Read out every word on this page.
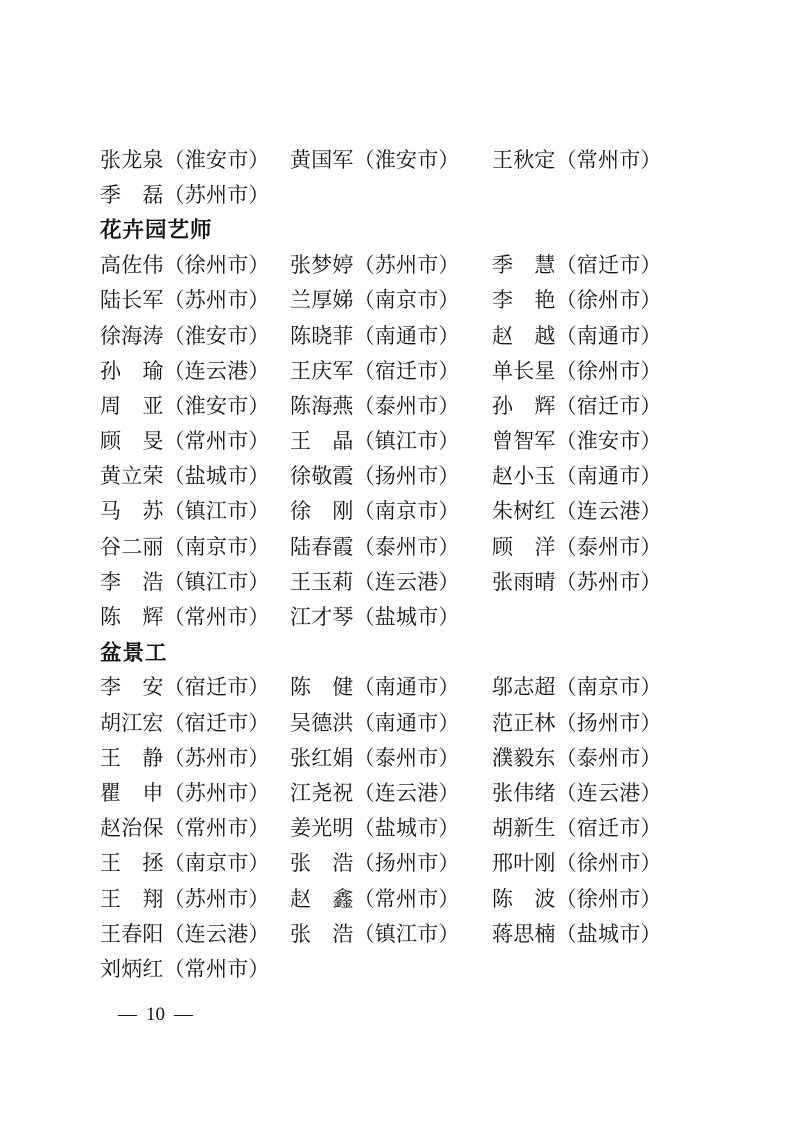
张龙泉（淮安市） 黄国军（淮安市）	王秋定（常州市）
季　磊（苏州市）
花卉园艺师
高佐伟（徐州市） 张梦婷（苏州市）	季　慧（宿迁市）
陆长军（苏州市） 兰厚娣（南京市）	李　艳（徐州市）
徐海涛（淮安市） 陈晓菲（南通市）	赵　越（南通市）
孙　瑜（连云港） 王庆军（宿迁市）	单长星（徐州市）
周　亚（淮安市） 陈海燕（泰州市）	孙　辉（宿迁市）
顾　旻（常州市） 王　晶（镇江市）	曾智军（淮安市）
黄立荣（盐城市） 徐敬霞（扬州市）	赵小玉（南通市）
马　苏（镇江市） 徐　刚（南京市）	朱树红（连云港）
谷二丽（南京市） 陆春霞（泰州市）	顾　洋（泰州市）
李　浩（镇江市） 王玉莉（连云港）	张雨晴（苏州市）
陈　辉（常州市） 江才琴（盐城市）
盆景工
李　安（宿迁市） 陈　健（南通市）	邬志超（南京市）
胡江宏（宿迁市） 吴德洪（南通市）	范正林（扬州市）
王　静（苏州市） 张红娟（泰州市）	濮毅东（泰州市）
瞿　申（苏州市） 江尧祝（连云港）	张伟绪（连云港）
赵治保（常州市） 姜光明（盐城市）	胡新生（宿迁市）
王　拯（南京市） 张　浩（扬州市）	邢叶刚（徐州市）
王　翔（苏州市） 赵　鑫（常州市）	陈　波（徐州市）
王春阳（连云港） 张　浩（镇江市）	蒋思楠（盐城市）
刘炳红（常州市）
— 10 —
